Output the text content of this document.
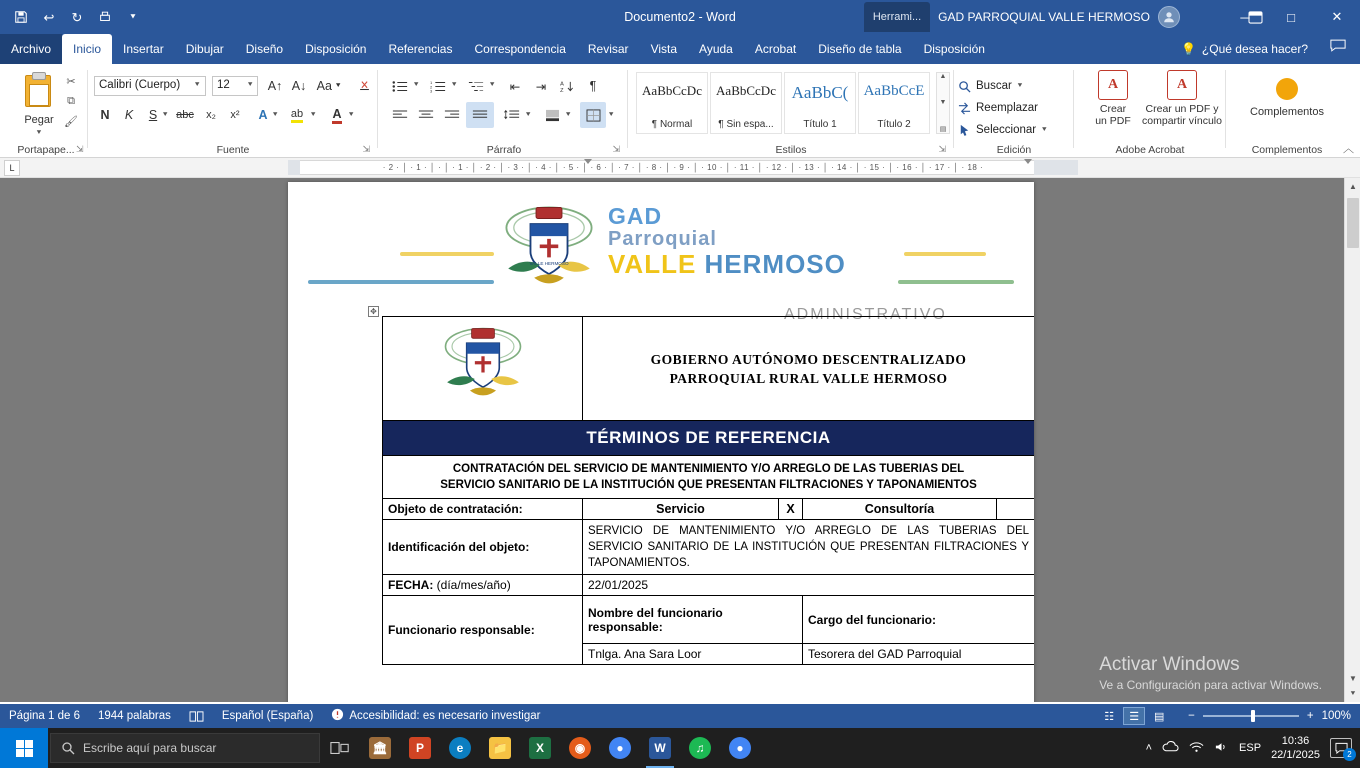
↩	↻	⯆	Documento2 - Word	Herrami...	GAD PARROQUIAL VALLE HERMOSO	─	□	✕
Archivo	Inicio	Insertar	Dibujar	Diseño	Disposición	Referencias	Correspondencia	Revisar	Vista	Ayuda	Acrobat	Diseño de tabla	Disposición	💡 ¿Qué desea hacer?
Pegar
⯆
✂
⧉
🖌
Portapape... ⇲
Calibri (Cuerpo)	⯆	12	⯆ A↑ A↓ Aa ⯆
N	K	S ⯆ abc	x₂	x²	A ⯆ ab ⯆ A ⯆
Fuente	⇲
⯆ 1
2
3
⯆	⯆	⇤	⇥	A
Z	¶
⯆	⯆	⯆
Párrafo	⇲
AaBbCcDc
¶ Normal
AaBbCcDc
¶ Sin espa...
AaBbC(
Título 1
AaBbCcE
Título 2
▲
▼
▤
Estilos	⇲
Buscar ⯆
Reemplazar
Seleccionar ⯆
Edición
A
Crear
un PDF
A
Crear un PDF y
compartir vínculo
Adobe Acrobat
Complementos
Complementos	︿
L	· 2 · │ · 1 · │ · │ · 1 · │ · 2 · │ · 3 · │ · 4 · │ · 5 · │ · 6 · │ · 7 · │ · 8 · │ · 9 · │ · 10 · │ · 11 · │ · 12 · │ · 13 · │ · 14 · │ · 15 · │ · 16 · │ · 17 · │ · 18 ·
VALLE HERMOSO
GAD
Parroquial
VALLE HERMOSO
ADMINISTRATIVO
✥

GOBIERNO AUTÓNOMO DESCENTRALIZADO
PARROQUIAL RURAL VALLE HERMOSO			

TÉRMINOS DE REFERENCIA				

CONTRATACIÓN DEL SERVICIO DE MANTENIMIENTO Y/O ARREGLO DE LAS TUBERIAS DEL
SERVICIO SANITARIO DE LA INSTITUCIÓN QUE PRESENTAN FILTRACIONES Y TAPONAMIENTOS				

Objeto de contratación:	Servicio	X	Consultoría	
Identificación del objeto:	SERVICIO DE MANTENIMIENTO Y/O ARREGLO DE LAS TUBERIAS DEL SERVICIO SANITARIO DE LA INSTITUCIÓN QUE PRESENTAN FILTRACIONES Y TAPONAMIENTOS.			
FECHA: (día/mes/año)	22/01/2025			
Funcionario responsable:	Nombre del funcionario responsable:		Cargo del funcionario:	
	Tnlga. Ana Sara Loor		Tesorera del GAD Parroquial		Activar Windows
Ve a Configuración para activar Windows.
▲
▼
⯆
Página 1 de 6	1944 palabras	Español (España)	Accesibilidad: es necesario investigar	☷	☰	▤	−	+ 100%
Escribe aquí para buscar	🏛	P	e	📁	X	◉	●	W	♫	●	˄	ESP
10:36
22/1/2025	2
